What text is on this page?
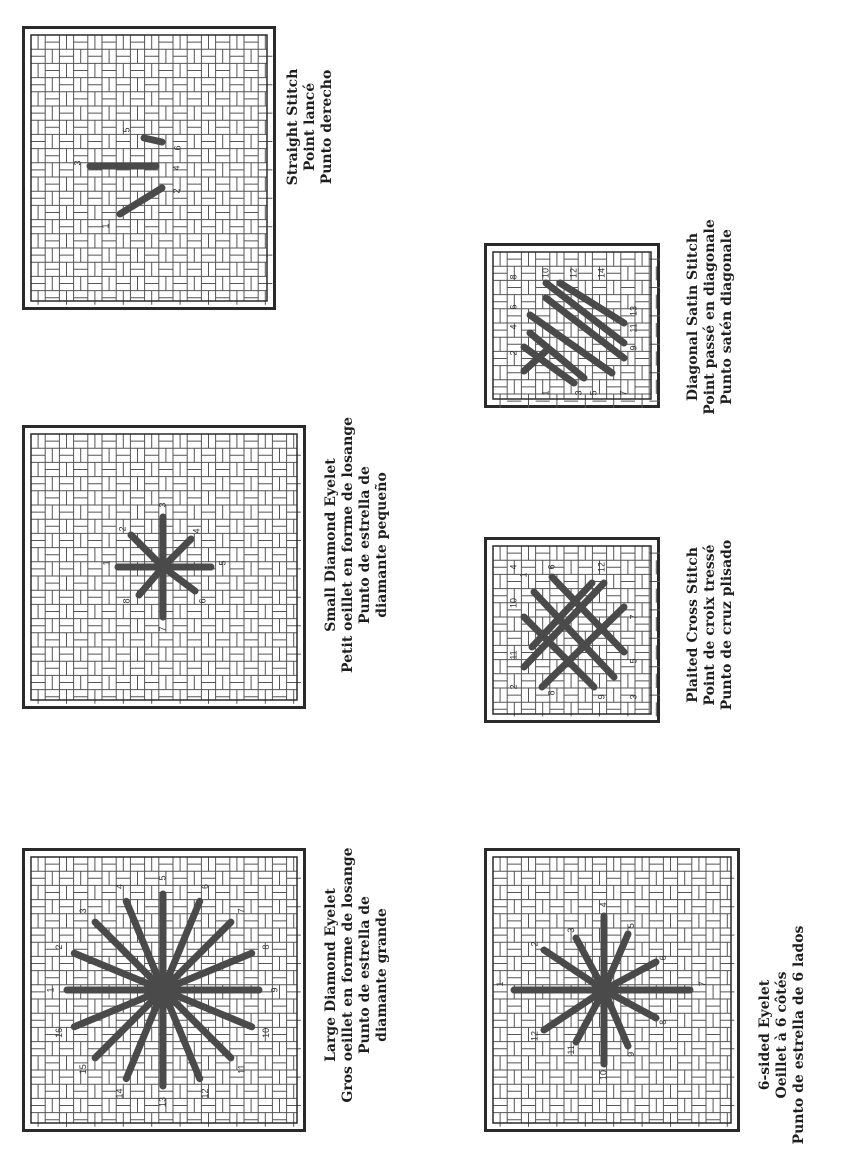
1
2
3
4
5
6	Straight Stitch Point lancé Punto derecho
1
2
3
4
5
6
7
8	Small Diamond Eyelet Petit oeillet en forme de losange Punto de estrella de diamante pequeño
1
2
3
4
5
6
7
8
9
10
11
12
13
14
15
16	Large Diamond Eyelet Gros oeillet en forme de losange Punto de estrella de diamante grande
1
2
3
4
5
6
7
8
9
10
11
12
13
14	Diagonal Satin Stitch Point passé en diagonale Punto satén diagonale
1
2
3
4
5
6
7
8
9
10
11
12	Plaited Cross Stitch Point de croix tressé Punto de cruz plisado
1
2
3
4
5
6
7
8
9
10
11
12	6-sided Eyelet Oeillet à 6 côtés Punto de estrella de 6 lados
